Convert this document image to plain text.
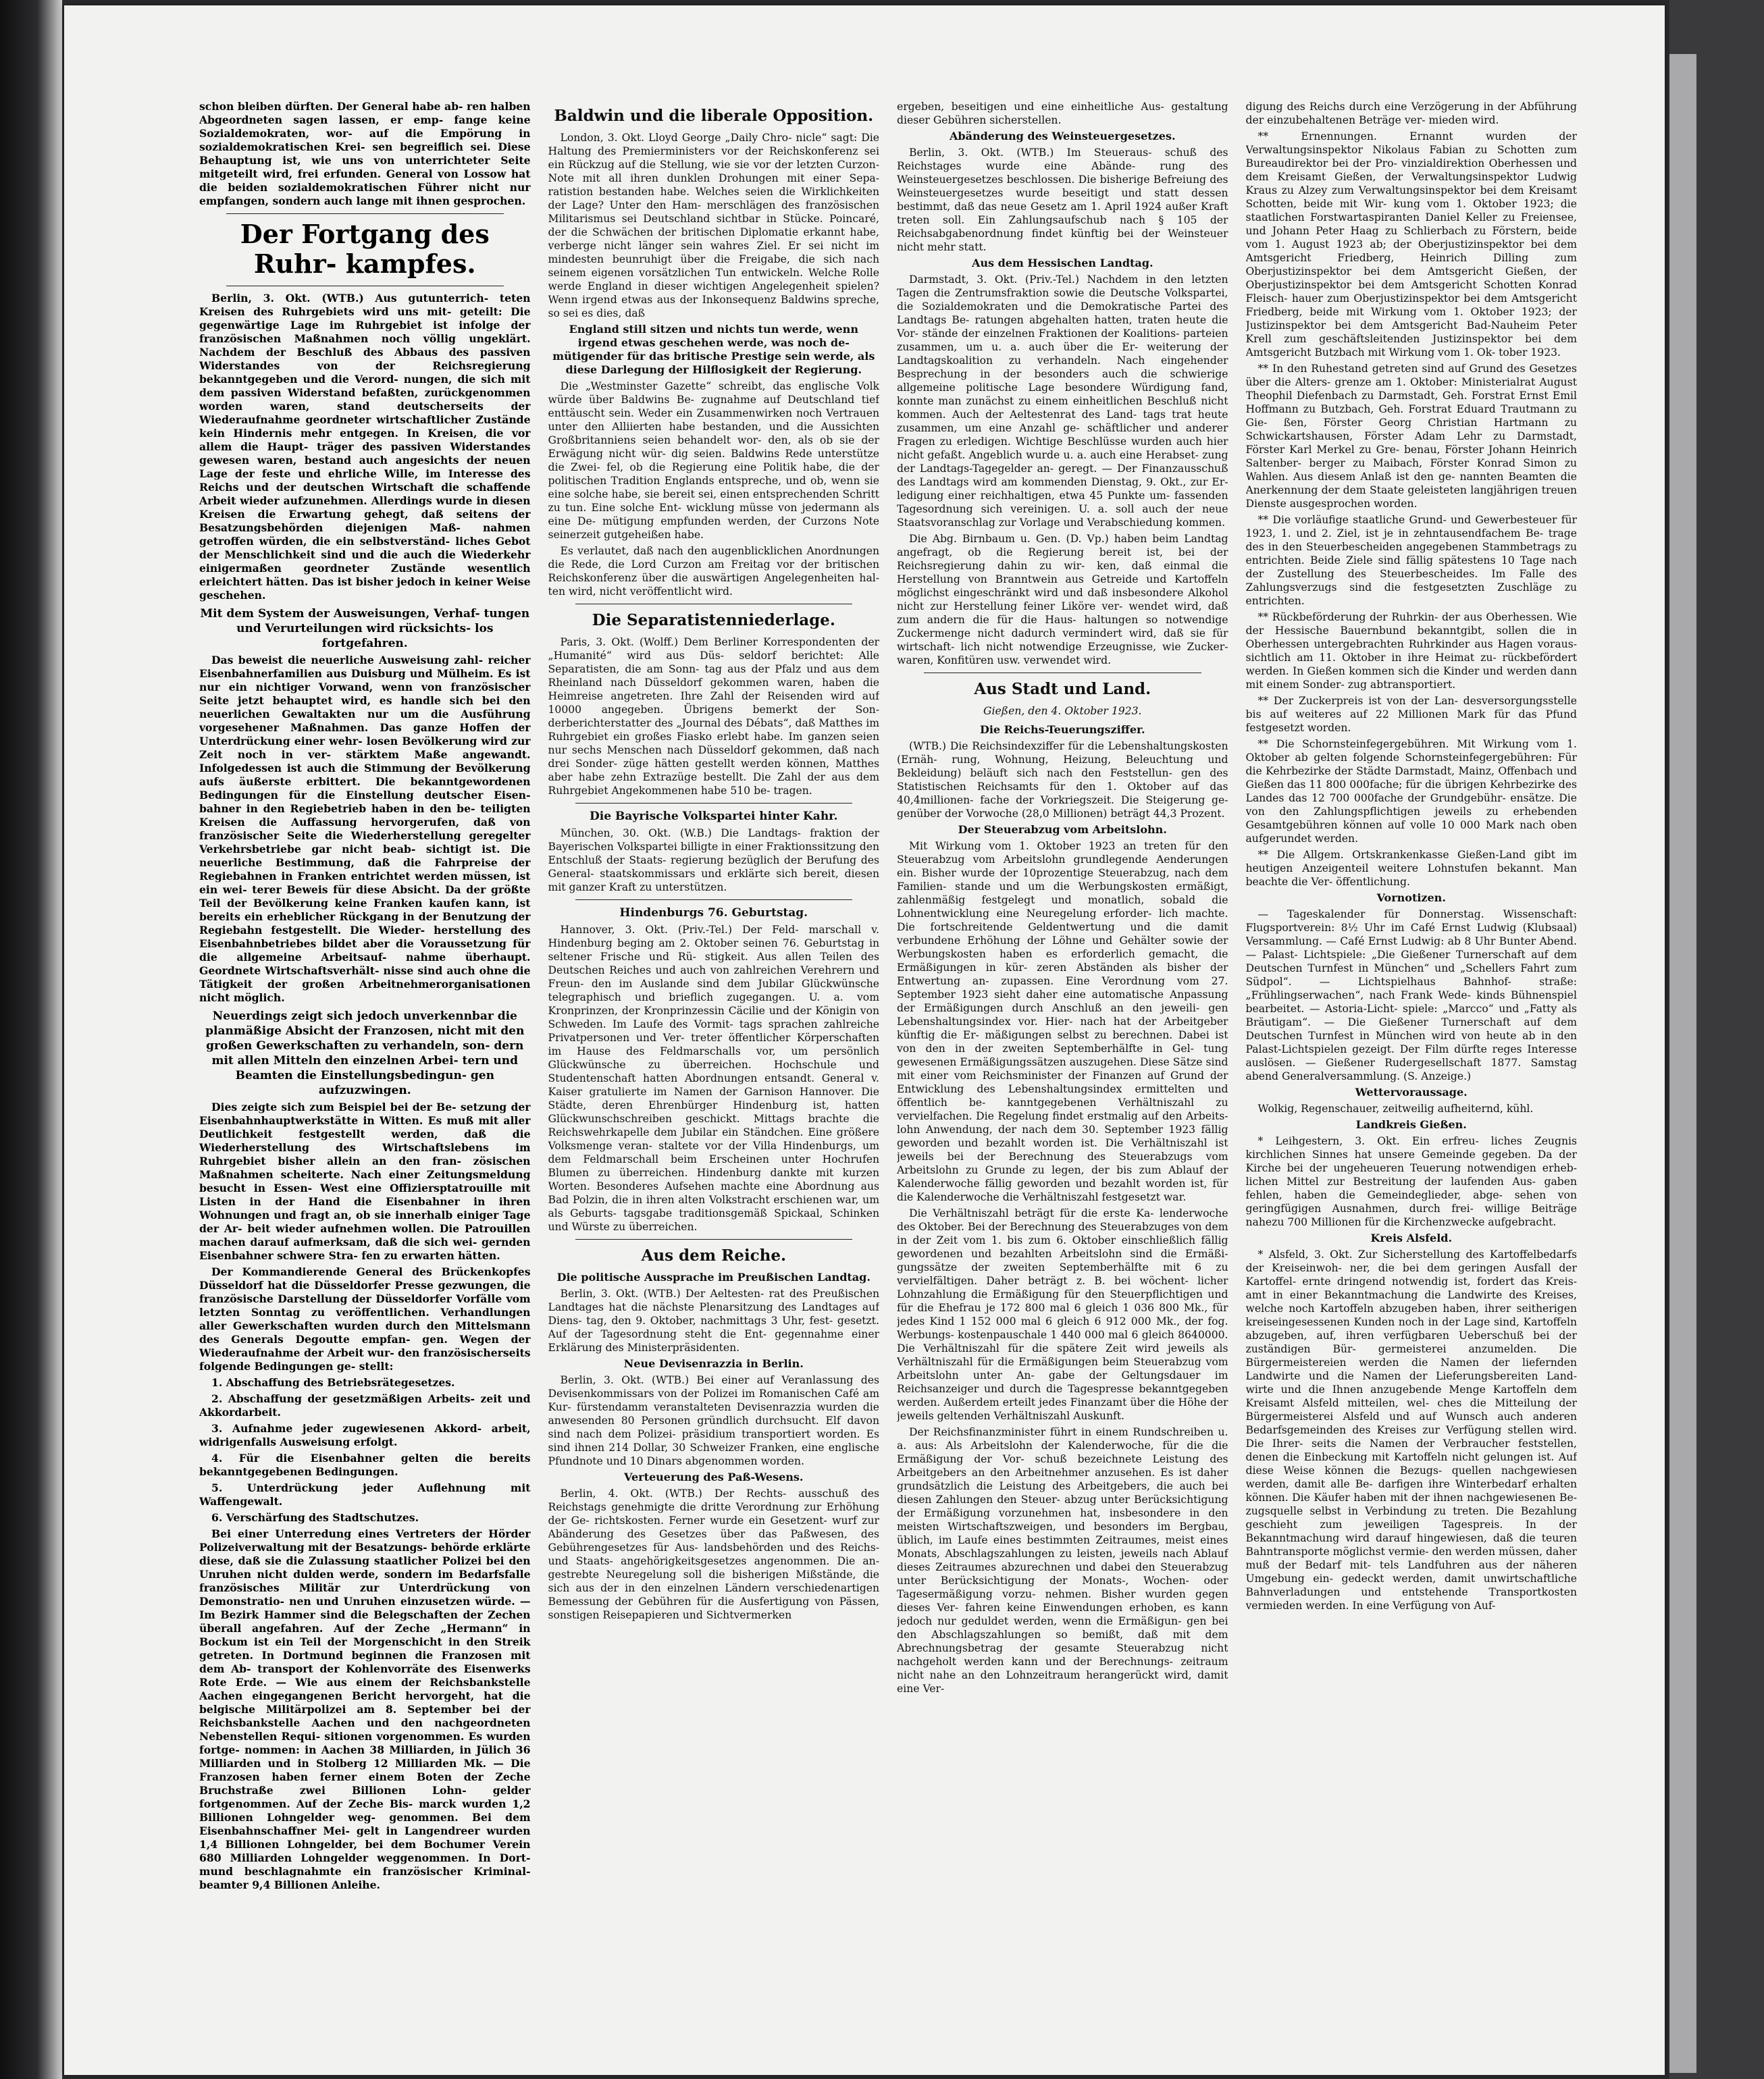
schon bleiben dürften. Der General habe ab- ren halben Abgeordneten sagen lassen, er emp- fange keine Sozialdemokraten, wor- auf die Empörung in sozialdemokratischen Krei- sen begreiflich sei. Diese Behauptung ist, wie uns von unterrichteter Seite mitgeteilt wird, frei erfunden. General von Lossow hat die beiden sozialdemokratischen Führer nicht nur empfangen, sondern auch lange mit ihnen gesprochen.

Der Fortgang des Ruhr- kampfes.

Berlin, 3. Okt. (WTB.) Aus gutunterrich- teten Kreisen des Ruhrgebiets wird uns mit- geteilt: Die gegenwärtige Lage im Ruhrgebiet ist infolge der französischen Maßnahmen noch völlig ungeklärt. Nachdem der Beschluß des Abbaus des passiven Widerstandes von der Reichsregierung bekanntgegeben und die Verord- nungen, die sich mit dem passiven Widerstand befaßten, zurückgenommen worden waren, stand deutscherseits der Wiederaufnahme geordneter wirtschaftlicher Zustände kein Hindernis mehr entgegen. In Kreisen, die vor allem die Haupt- träger des passiven Widerstandes gewesen waren, bestand auch angesichts der neuen Lage der feste und ehrliche Wille, im Interesse des Reichs und der deutschen Wirtschaft die schaffende Arbeit wieder aufzunehmen. Allerdings wurde in diesen Kreisen die Erwartung gehegt, daß seitens der Besatzungsbehörden diejenigen Maß- nahmen getroffen würden, die ein selbstverständ- liches Gebot der Menschlichkeit sind und die auch die Wiederkehr einigermaßen geordneter Zustände wesentlich erleichtert hätten. Das ist bisher jedoch in keiner Weise geschehen.

Mit dem System der Ausweisungen, Verhaf- tungen und Verurteilungen wird rücksichts- los fortgefahren.

Das beweist die neuerliche Ausweisung zahl- reicher Eisenbahnerfamilien aus Duisburg und Mülheim. Es ist nur ein nichtiger Vorwand, wenn von französischer Seite jetzt behauptet wird, es handle sich bei den neuerlichen Gewaltakten nur um die Ausführung vorgesehener Maßnahmen. Das ganze Hoffen der Unterdrückung einer wehr- losen Bevölkerung wird zur Zeit noch in ver- stärktem Maße angewandt. Infolgedessen ist auch die Stimmung der Bevölkerung aufs äußerste erbittert. Die bekanntgewordenen Bedingungen für die Einstellung deutscher Eisen- bahner in den Regiebetrieb haben in den be- teiligten Kreisen die Auffassung hervorgerufen, daß von französischer Seite die Wiederherstellung geregelter Verkehrsbetriebe gar nicht beab- sichtigt ist. Die neuerliche Bestimmung, daß die Fahrpreise der Regiebahnen in Franken entrichtet werden müssen, ist ein wei- terer Beweis für diese Absicht. Da der größte Teil der Bevölkerung keine Franken kaufen kann, ist bereits ein erheblicher Rückgang in der Benutzung der Regiebahn festgestellt. Die Wieder- herstellung des Eisenbahnbetriebes bildet aber die Voraussetzung für die allgemeine Arbeitsauf- nahme überhaupt. Geordnete Wirtschaftsverhält- nisse sind auch ohne die Tätigkeit der großen Arbeitnehmerorganisationen nicht möglich.

Neuerdings zeigt sich jedoch unverkennbar die planmäßige Absicht der Franzosen, nicht mit den großen Gewerkschaften zu verhandeln, son- dern mit allen Mitteln den einzelnen Arbei- tern und Beamten die Einstellungsbedingun- gen aufzuzwingen.

Dies zeigte sich zum Beispiel bei der Be- setzung der Eisenbahnhauptwerkstätte in Witten. Es muß mit aller Deutlichkeit festgestellt werden, daß die Wiederherstellung des Wirtschaftslebens im Ruhrgebiet bisher allein an den fran- zösischen Maßnahmen scheiterte. Nach einer Zeitungsmeldung besucht in Essen- West eine Offiziersptatrouille mit Listen in der Hand die Eisenbahner in ihren Wohnungen und fragt an, ob sie innerhalb einiger Tage der Ar- beit wieder aufnehmen wollen. Die Patrouillen machen darauf aufmerksam, daß die sich wei- gernden Eisenbahner schwere Stra- fen zu erwarten hätten.

Der Kommandierende General des Brückenkopfes Düsseldorf hat die Düsseldorfer Presse gezwungen, die französische Darstellung der Düsseldorfer Vorfälle vom letzten Sonntag zu veröffentlichen. Verhandlungen aller Gewerkschaften wurden durch den Mittelsmann des Generals Degoutte empfan- gen. Wegen der Wiederaufnahme der Arbeit wur- den französischerseits folgende Bedingungen ge- stellt:

1. Abschaffung des Betriebsrätegesetzes.

2. Abschaffung der gesetzmäßigen Arbeits- zeit und Akkordarbeit.

3. Aufnahme jeder zugewiesenen Akkord- arbeit, widrigenfalls Ausweisung erfolgt.

4. Für die Eisenbahner gelten die bereits bekanntgegebenen Bedingungen.

5. Unterdrückung jeder Auflehnung mit Waffengewalt.

6. Verschärfung des Stadtschutzes.

Bei einer Unterredung eines Vertreters der Hörder Polizeiverwaltung mit der Besatzungs- behörde erklärte diese, daß sie die Zulassung staatlicher Polizei bei den Unruhen nicht dulden werde, sondern im Bedarfsfalle französisches Militär zur Unterdrückung von Demonstratio- nen und Unruhen einzusetzen würde. — Im Bezirk Hammer sind die Belegschaften der Zechen überall angefahren. Auf der Zeche „Hermann“ in Bockum ist ein Teil der Morgenschicht in den Streik getreten. In Dortmund beginnen die Franzosen mit dem Ab- transport der Kohlenvorräte des Eisenwerks Rote Erde. — Wie aus einem der Reichsbankstelle Aachen eingegangenen Bericht hervorgeht, hat die belgische Militärpolizei am 8. September bei der Reichsbankstelle Aachen und den nachgeordneten Nebenstellen Requi- sitionen vorgenommen. Es wurden fortge- nommen: in Aachen 38 Milliarden, in Jülich 36 Milliarden und in Stolberg 12 Milliarden Mk. — Die Franzosen haben ferner einem Boten der Zeche Bruchstraße zwei Billionen Lohn- gelder fortgenommen. Auf der Zeche Bis- marck wurden 1,2 Billionen Lohngelder weg- genommen. Bei dem Eisenbahnschaffner Mei- gelt in Langendreer wurden 1,4 Billionen Lohngelder, bei dem Bochumer Verein 680 Milliarden Lohngelder weggenommen. In Dort- mund beschlagnahmte ein französischer Kriminal- beamter 9,4 Billionen Anleihe.

Baldwin und die liberale Opposition.

London, 3. Okt. Lloyd George „Daily Chro- nicle“ sagt: Die Haltung des Premierministers vor der Reichskonferenz sei ein Rückzug auf die Stellung, wie sie vor der letzten Curzon-Note mit all ihren dunklen Drohungen mit einer Sepa- ratistion bestanden habe. Welches seien die Wirklichkeiten der Lage? Unter den Ham- merschlägen des französischen Militarismus sei Deutschland sichtbar in Stücke. Poincaré, der die Schwächen der britischen Diplomatie erkannt habe, verberge nicht länger sein wahres Ziel. Er sei nicht im mindesten beunruhigt über die Freigabe, die sich nach seinem eigenen vorsätzlichen Tun entwickeln. Welche Rolle werde England in dieser wichtigen Angelegenheit spielen? Wenn irgend etwas aus der Inkonsequenz Baldwins spreche, so sei es dies, daß

England still sitzen und nichts tun werde, wenn irgend etwas geschehen werde, was noch de- mütigender für das britische Prestige sein werde, als diese Darlegung der Hilflosigkeit der Regierung.

Die „Westminster Gazette“ schreibt, das englische Volk würde über Baldwins Be- zugnahme auf Deutschland tief enttäuscht sein. Weder ein Zusammenwirken noch Vertrauen unter den Alliierten habe bestanden, und die Aussichten Großbritanniens seien behandelt wor- den, als ob sie der Erwägung nicht wür- dig seien. Baldwins Rede unterstütze die Zwei- fel, ob die Regierung eine Politik habe, die der politischen Tradition Englands entspreche, und ob, wenn sie eine solche habe, sie bereit sei, einen entsprechenden Schritt zu tun. Eine solche Ent- wicklung müsse von jedermann als eine De- mütigung empfunden werden, der Curzons Note seinerzeit gutgeheißen habe.

Es verlautet, daß nach den augenblicklichen Anordnungen die Rede, die Lord Curzon am Freitag vor der britischen Reichskonferenz über die auswärtigen Angelegenheiten hal- ten wird, nicht veröffentlicht wird.

Die Separatistenniederlage.

Paris, 3. Okt. (Wolff.) Dem Berliner Korrespondenten der „Humanité“ wird aus Düs- seldorf berichtet: Alle Separatisten, die am Sonn- tag aus der Pfalz und aus dem Rheinland nach Düsseldorf gekommen waren, haben die Heimreise angetreten. Ihre Zahl der Reisenden wird auf 10000 angegeben. Übrigens bemerkt der Son- derberichterstatter des „Journal des Débats“, daß Matthes im Ruhrgebiet ein großes Fiasko erlebt habe. Im ganzen seien nur sechs Menschen nach Düsseldorf gekommen, daß nach drei Sonder- züge hätten gestellt werden können, Matthes aber habe zehn Extrazüge bestellt. Die Zahl der aus dem Ruhrgebiet Angekommenen habe 510 be- tragen.

Die Bayrische Volkspartei hinter Kahr.

München, 30. Okt. (W.B.) Die Landtags- fraktion der Bayerischen Volkspartei billigte in einer Fraktionssitzung den Entschluß der Staats- regierung bezüglich der Berufung des General- staatskommissars und erklärte sich bereit, diesen mit ganzer Kraft zu unterstützen.

Hindenburgs 76. Geburtstag.

Hannover, 3. Okt. (Priv.-Tel.) Der Feld- marschall v. Hindenburg beging am 2. Oktober seinen 76. Geburtstag in seltener Frische und Rü- stigkeit. Aus allen Teilen des Deutschen Reiches und auch von zahlreichen Verehrern und Freun- den im Auslande sind dem Jubilar Glückwünsche telegraphisch und brieflich zugegangen. U. a. vom Kronprinzen, der Kronprinzessin Cäcilie und der Königin von Schweden. Im Laufe des Vormit- tags sprachen zahlreiche Privatpersonen und Ver- treter öffentlicher Körperschaften im Hause des Feldmarschalls vor, um persönlich Glückwünsche zu überreichen. Hochschule und Studentenschaft hatten Abordnungen entsandt. General v. Kaiser gratulierte im Namen der Garnison Hannover. Die Städte, deren Ehrenbürger Hindenburg ist, hatten Glückwunschschreiben geschickt. Mittags brachte die Reichswehrkapelle dem Jubilar ein Ständchen. Eine größere Volksmenge veran- staltete vor der Villa Hindenburgs, um dem Feldmarschall beim Erscheinen unter Hochrufen Blumen zu überreichen. Hindenburg dankte mit kurzen Worten. Besonderes Aufsehen machte eine Abordnung aus Bad Polzin, die in ihren alten Volkstracht erschienen war, um als Geburts- tagsgabe traditionsgemäß Spickaal, Schinken und Würste zu überreichen.

Aus dem Reiche.
Die politische Aussprache im Preußischen Landtag.

Berlin, 3. Okt. (WTB.) Der Aeltesten- rat des Preußischen Landtages hat die nächste Plenarsitzung des Landtages auf Diens- tag, den 9. Oktober, nachmittags 3 Uhr, fest- gesetzt. Auf der Tagesordnung steht die Ent- gegennahme einer Erklärung des Ministerpräsidenten.

Neue Devisenrazzia in Berlin.

Berlin, 3. Okt. (WTB.) Bei einer auf Veranlassung des Devisenkommissars von der Polizei im Romanischen Café am Kur- fürstendamm veranstalteten Devisenrazzia wurden die anwesenden 80 Personen gründlich durchsucht. Elf davon sind nach dem Polizei- präsidium transportiert worden. Es sind ihnen 214 Dollar, 30 Schweizer Franken, eine englische Pfundnote und 10 Dinars abgenommen worden.

Verteuerung des Paß-Wesens.

Berlin, 4. Okt. (WTB.) Der Rechts- ausschuß des Reichstags genehmigte die dritte Verordnung zur Erhöhung der Ge- richtskosten. Ferner wurde ein Gesetzent- wurf zur Abänderung des Gesetzes über das Paßwesen, des Gebührengesetzes für Aus- landsbehörden und des Reichs- und Staats- angehörigkeitsgesetzes angenommen. Die an- gestrebte Neuregelung soll die bisherigen Mißstände, die sich aus der in den einzelnen Ländern verschiedenartigen Bemessung der Gebühren für die Ausfertigung von Pässen, sonstigen Reisepapieren und Sichtvermerken

ergeben, beseitigen und eine einheitliche Aus- gestaltung dieser Gebühren sicherstellen.

Abänderung des Weinsteuergesetzes.

Berlin, 3. Okt. (WTB.) Im Steueraus- schuß des Reichstages wurde eine Abände- rung des Weinsteuergesetzes beschlossen. Die bisherige Befreiung des Weinsteuergesetzes wurde beseitigt und statt dessen bestimmt, daß das neue Gesetz am 1. April 1924 außer Kraft treten soll. Ein Zahlungsaufschub nach § 105 der Reichsabgabenordnung findet künftig bei der Weinsteuer nicht mehr statt.

Aus dem Hessischen Landtag.

Darmstadt, 3. Okt. (Priv.-Tel.) Nachdem in den letzten Tagen die Zentrumsfraktion sowie die Deutsche Volkspartei, die Sozialdemokraten und die Demokratische Partei des Landtags Be- ratungen abgehalten hatten, traten heute die Vor- stände der einzelnen Fraktionen der Koalitions- parteien zusammen, um u. a. auch über die Er- weiterung der Landtagskoalition zu verhandeln. Nach eingehender Besprechung in der besonders auch die schwierige allgemeine politische Lage besondere Würdigung fand, konnte man zunächst zu einem einheitlichen Beschluß nicht kommen. Auch der Aeltestenrat des Land- tags trat heute zusammen, um eine Anzahl ge- schäftlicher und anderer Fragen zu erledigen. Wichtige Beschlüsse wurden auch hier nicht gefaßt. Angeblich wurde u. a. auch eine Herabset- zung der Landtags-Tagegelder an- geregt. — Der Finanzausschuß des Landtags wird am kommenden Dienstag, 9. Okt., zur Er- ledigung einer reichhaltigen, etwa 45 Punkte um- fassenden Tagesordnung sich vereinigen. U. a. soll auch der neue Staatsvoranschlag zur Vorlage und Verabschiedung kommen.

Die Abg. Birnbaum u. Gen. (D. Vp.) haben beim Landtag angefragt, ob die Regierung bereit ist, bei der Reichsregierung dahin zu wir- ken, daß einmal die Herstellung von Branntwein aus Getreide und Kartoffeln möglichst eingeschränkt wird und daß insbesondere Alkohol nicht zur Herstellung feiner Liköre ver- wendet wird, daß zum andern die für die Haus- haltungen so notwendige Zuckermenge nicht dadurch vermindert wird, daß sie für wirtschaft- lich nicht notwendige Erzeugnisse, wie Zucker- waren, Konfitüren usw. verwendet wird.

Aus Stadt und Land.
Gießen, den 4. Oktober 1923.
Die Reichs-Teuerungsziffer.

(WTB.) Die Reichsindexziffer für die Lebenshaltungskosten (Ernäh- rung, Wohnung, Heizung, Beleuchtung und Bekleidung) beläuft sich nach den Feststellun- gen des Statistischen Reichsamts für den 1. Oktober auf das 40,4millionen- fache der Vorkriegszeit. Die Steigerung ge- genüber der Vorwoche (28,0 Millionen) beträgt 44,3 Prozent.

Der Steuerabzug vom Arbeitslohn.

Mit Wirkung vom 1. Oktober 1923 an treten für den Steuerabzug vom Arbeitslohn grundlegende Aenderungen ein. Bisher wurde der 10prozentige Steuerabzug, nach dem Familien- stande und um die Werbungskosten ermäßigt, zahlenmäßig festgelegt und monatlich, sobald die Lohnentwicklung eine Neuregelung erforder- lich machte. Die fortschreitende Geldentwertung und die damit verbundene Erhöhung der Löhne und Gehälter sowie der Werbungskosten haben es erforderlich gemacht, die Ermäßigungen in kür- zeren Abständen als bisher der Entwertung an- zupassen. Eine Verordnung vom 27. September 1923 sieht daher eine automatische Anpassung der Ermäßigungen durch Anschluß an den jeweili- gen Lebenshaltungsindex vor. Hier- nach hat der Arbeitgeber künftig die Er- mäßigungen selbst zu berechnen. Dabei ist von den in der zweiten Septemberhälfte in Gel- tung gewesenen Ermäßigungssätzen auszugehen. Diese Sätze sind mit einer vom Reichsminister der Finanzen auf Grund der Entwicklung des Lebenshaltungsindex ermittelten und öffentlich be- kanntgegebenen Verhältniszahl zu vervielfachen. Die Regelung findet erstmalig auf den Arbeits- lohn Anwendung, der nach dem 30. September 1923 fällig geworden und bezahlt worden ist. Die Verhältniszahl ist jeweils bei der Berechnung des Steuerabzugs vom Arbeitslohn zu Grunde zu legen, der bis zum Ablauf der Kalenderwoche fällig geworden und bezahlt worden ist, für die Kalenderwoche die Verhältniszahl festgesetzt war.

Die Verhältniszahl beträgt für die erste Ka- lenderwoche des Oktober. Bei der Berechnung des Steuerabzuges von dem in der Zeit vom 1. bis zum 6. Oktober einschließlich fällig gewordenen und bezahlten Arbeitslohn sind die Ermäßi- gungssätze der zweiten Septemberhälfte mit 6 zu vervielfältigen. Daher beträgt z. B. bei wöchent- licher Lohnzahlung die Ermäßigung für den Steuerpflichtigen und für die Ehefrau je 172 800 mal 6 gleich 1 036 800 Mk., für jedes Kind 1 152 000 mal 6 gleich 6 912 000 Mk., der fog. Werbungs- kostenpauschale 1 440 000 mal 6 gleich 8640000. Die Verhältniszahl für die spätere Zeit wird jeweils als Verhältniszahl für die Ermäßigungen beim Steuerabzug vom Arbeitslohn unter An- gabe der Geltungsdauer im Reichsanzeiger und durch die Tagespresse bekanntgegeben werden. Außerdem erteilt jedes Finanzamt über die Höhe der jeweils geltenden Verhältniszahl Auskunft.

Der Reichsfinanzminister führt in einem Rundschreiben u. a. aus: Als Arbeitslohn der Kalenderwoche, für die die Ermäßigung der Vor- schuß bezeichnete Leistung des Arbeitgebers an den Arbeitnehmer anzusehen. Es ist daher grundsätzlich die Leistung des Arbeitgebers, die auch bei diesen Zahlungen den Steuer- abzug unter Berücksichtigung der Ermäßigung vorzunehmen hat, insbesondere in den meisten Wirtschaftszweigen, und besonders im Bergbau, üblich, im Laufe eines bestimmten Zeitraumes, meist eines Monats, Abschlagszahlungen zu leisten, jeweils nach Ablauf dieses Zeitraumes abzurechnen und dabei den Steuerabzug unter Berücksichtigung der Monats-, Wochen- oder Tagesermäßigung vorzu- nehmen. Bisher wurden gegen dieses Ver- fahren keine Einwendungen erhoben, es kann jedoch nur geduldet werden, wenn die Ermäßigun- gen bei den Abschlagszahlungen so bemißt, daß mit dem Abrechnungsbetrag der gesamte Steuerabzug nicht nachgeholt werden kann und der Berechnungs- zeitraum nicht nahe an den Lohnzeitraum herangerückt wird, damit eine Ver-

digung des Reichs durch eine Verzögerung in der Abführung der einzubehaltenen Beträge ver- mieden wird.

** Ernennungen. Ernannt wurden der Verwaltungsinspektor Nikolaus Fabian zu Schotten zum Bureaudirektor bei der Pro- vinzialdirektion Oberhessen und dem Kreisamt Gießen, der Verwaltungsinspektor Ludwig Kraus zu Alzey zum Verwaltungsinspektor bei dem Kreisamt Schotten, beide mit Wir- kung vom 1. Oktober 1923; die staatlichen Forstwartaspiranten Daniel Keller zu Freiensee, und Johann Peter Haag zu Schlierbach zu Förstern, beide vom 1. August 1923 ab; der Oberjustizinspektor bei dem Amtsgericht Friedberg, Heinrich Dilling zum Oberjustizinspektor bei dem Amtsgericht Gießen, der Oberjustizinspektor bei dem Amtsgericht Schotten Konrad Fleisch- hauer zum Oberjustizinspektor bei dem Amtsgericht Friedberg, beide mit Wirkung vom 1. Oktober 1923; der Justizinspektor bei dem Amtsgericht Bad-Nauheim Peter Krell zum geschäftsleitenden Justizinspektor bei dem Amtsgericht Butzbach mit Wirkung vom 1. Ok- tober 1923.

** In den Ruhestand getreten sind auf Grund des Gesetzes über die Alters- grenze am 1. Oktober: Ministerialrat August Theophil Diefenbach zu Darmstadt, Geh. Forstrat Ernst Emil Hoffmann zu Butzbach, Geh. Forstrat Eduard Trautmann zu Gie- ßen, Förster Georg Christian Hartmann zu Schwickartshausen, Förster Adam Lehr zu Darmstadt, Förster Karl Merkel zu Gre- benau, Förster Johann Heinrich Saltenber- berger zu Maibach, Förster Konrad Simon zu Wahlen. Aus diesem Anlaß ist den ge- nannten Beamten die Anerkennung der dem Staate geleisteten langjährigen treuen Dienste ausgesprochen worden.

** Die vorläufige staatliche Grund- und Gewerbesteuer für 1923, 1. und 2. Ziel, ist je in zehntausendfachem Be- trage des in den Steuerbescheiden angegebenen Stammbetrags zu entrichten. Beide Ziele sind fällig spätestens 10 Tage nach der Zustellung des Steuerbescheides. Im Falle des Zahlungsverzugs sind die festgesetzten Zuschläge zu entrichten.

** Rückbeförderung der Ruhrkin- der aus Oberhessen. Wie der Hessische Bauernbund bekanntgibt, sollen die in Oberhessen untergebrachten Ruhrkinder aus Hagen voraus- sichtlich am 11. Oktober in ihre Heimat zu- rückbefördert werden. In Gießen kommen sich die Kinder und werden dann mit einem Sonder- zug abtransportiert.

** Der Zuckerpreis ist von der Lan- desversorgungsstelle bis auf weiteres auf 22 Millionen Mark für das Pfund festgesetzt worden.

** Die Schornsteinfegergebühren. Mit Wirkung vom 1. Oktober ab gelten folgende Schornsteinfegergebühren: Für die Kehrbezirke der Städte Darmstadt, Mainz, Offenbach und Gießen das 11 800 000fache; für die übrigen Kehrbezirke des Landes das 12 700 000fache der Grundgebühr- ensätze. Die von den Zahlungspflichtigen jeweils zu erhebenden Gesamtgebühren können auf volle 10 000 Mark nach oben aufgerundet werden.

** Die Allgem. Ortskrankenkasse Gießen-Land gibt im heutigen Anzeigenteil weitere Lohnstufen bekannt. Man beachte die Ver- öffentlichung.

Vornotizen.

— Tageskalender für Donnerstag. Wissenschaft: Flugsportverein: 8½ Uhr im Café Ernst Ludwig (Klubsaal) Versammlung. — Café Ernst Ludwig: ab 8 Uhr Bunter Abend. — Palast- Lichtspiele: „Die Gießener Turnerschaft auf dem Deutschen Turnfest in München“ und „Schellers Fahrt zum Südpol“. — Lichtspielhaus Bahnhof- straße: „Frühlingserwachen“, nach Frank Wede- kinds Bühnenspiel bearbeitet. — Astoria-Licht- spiele: „Marcco“ und „Fatty als Bräutigam“. — Die Gießener Turnerschaft auf dem Deutschen Turnfest in München wird von heute ab in den Palast-Lichtspielen gezeigt. Der Film dürfte reges Interesse auslösen. — Gießener Rudergesellschaft 1877. Samstag abend Generalversammlung. (S. Anzeige.)

Wettervoraussage.

Wolkig, Regenschauer, zeitweilig aufheiternd, kühl.

Landkreis Gießen.

* Leihgestern, 3. Okt. Ein erfreu- liches Zeugnis kirchlichen Sinnes hat unsere Gemeinde gegeben. Da der Kirche bei der ungeheueren Teuerung notwendigen erheb- lichen Mittel zur Bestreitung der laufenden Aus- gaben fehlen, haben die Gemeindeglieder, abge- sehen von geringfügigen Ausnahmen, durch frei- willige Beiträge nahezu 700 Millionen für die Kirchenzwecke aufgebracht.

Kreis Alsfeld.

* Alsfeld, 3. Okt. Zur Sicherstellung des Kartoffelbedarfs der Kreiseinwoh- ner, die bei dem geringen Ausfall der Kartoffel- ernte dringend notwendig ist, fordert das Kreis- amt in einer Bekanntmachung die Landwirte des Kreises, welche noch Kartoffeln abzugeben haben, ihrer seitherigen kreiseingesessenen Kunden noch in der Lage sind, Kartoffeln abzugeben, auf, ihren verfügbaren Ueberschuß bei der zuständigen Bür- germeisterei anzumelden. Die Bürgermeistereien werden die Namen der liefernden Landwirte und die Namen der Lieferungsbereiten Land- wirte und die Ihnen anzugebende Menge Kartoffeln dem Kreisamt Alsfeld mitteilen, wel- ches die Mitteilung der Bürgermeisterei Alsfeld und auf Wunsch auch anderen Bedarfsgemeinden des Kreises zur Verfügung stellen wird. Die Ihrer- seits die Namen der Verbraucher feststellen, denen die Einbeckung mit Kartoffeln nicht gelungen ist. Auf diese Weise können die Bezugs- quellen nachgewiesen werden, damit alle Be- darfigen ihre Winterbedarf erhalten können. Die Käufer haben mit der ihnen nachgewiesenen Be- zugsquelle selbst in Verbindung zu treten. Die Bezahlung geschieht zum jeweiligen Tagespreis. In der Bekanntmachung wird darauf hingewiesen, daß die teuren Bahntransporte möglichst vermie- den werden müssen, daher muß der Bedarf mit- tels Landfuhren aus der näheren Umgebung ein- gedeckt werden, damit unwirtschaftliche Bahnverladungen und entstehende Transportkosten vermieden werden. In eine Verfügung von Auf-
